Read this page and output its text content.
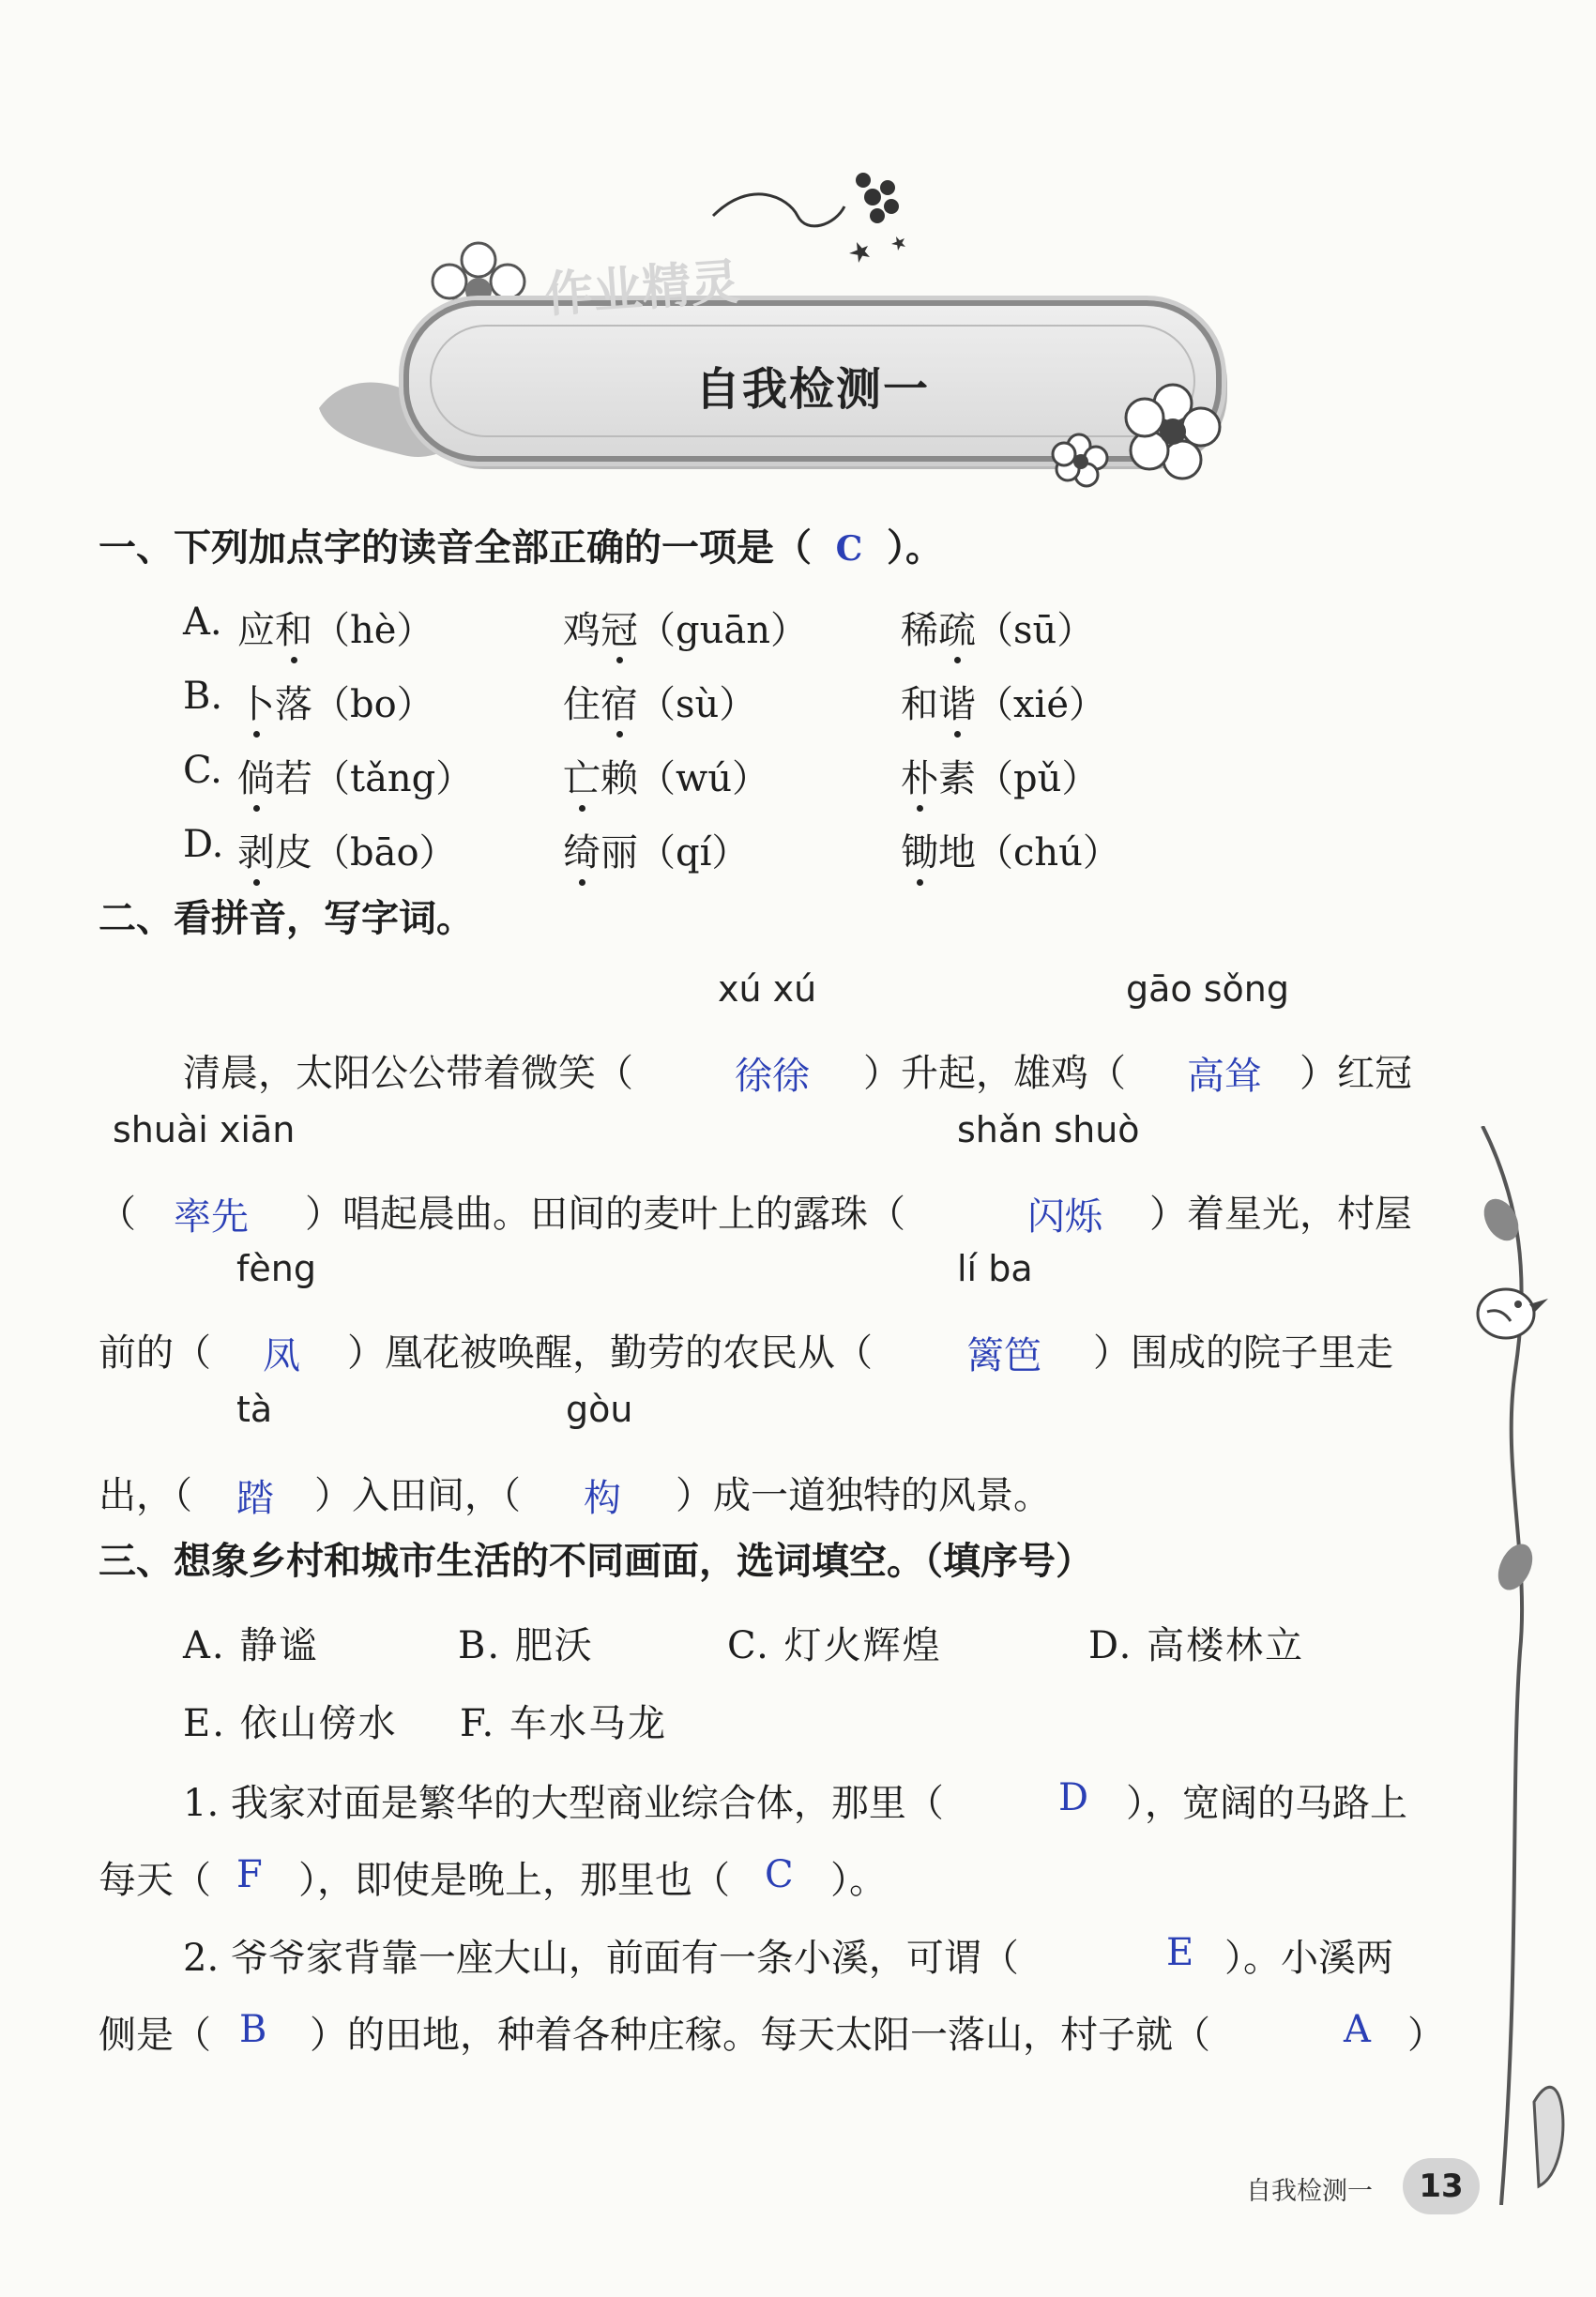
自我检测一
作业精灵
一、下列加点字的读音全部正确的一项是（ C ）。
A. 应和（hè）	鸡冠（guān） 稀疏（sū）
B. 卜落（bo）	住宿（sù）	和谐（xié）
C. 倘若（tǎng） 亡赖（wú）	朴素（pǔ）
D. 剥皮（bāo）	绮丽（qí）	锄地（chú）
二、看拼音，写字词。
xú xú	gāo sǒng
清晨，太阳公公带着微笑（	徐徐 ）升起，雄鸡（ 高耸 ）红冠
shuài xiān	shǎn shuò
（ 率先 ）唱起晨曲。田间的麦叶上的露珠（	闪烁 ）着星光，村屋
fèng	lí ba
前的（ 凤 ）凰花被唤醒，勤劳的农民从（	篱笆 ）围成的院子里走
tà	gòu
出，（ 踏 ）入田间，（ 构 ）成一道独特的风景。
三、想象乡村和城市生活的不同画面，选词填空。（填序号）
A. 静谧	B. 肥沃	C. 灯火辉煌	D. 高楼林立
E. 依山傍水 F. 车水马龙
1. 我家对面是繁华的大型商业综合体，那里（	D ），宽阔的马路上
每天（ F ），即使是晚上，那里也（ C ）。
2. 爷爷家背靠一座大山，前面有一条小溪，可谓（	E ）。小溪两
侧是（ B ）的田地，种着各种庄稼。每天太阳一落山，村子就（	A ）
自我检测一	13
